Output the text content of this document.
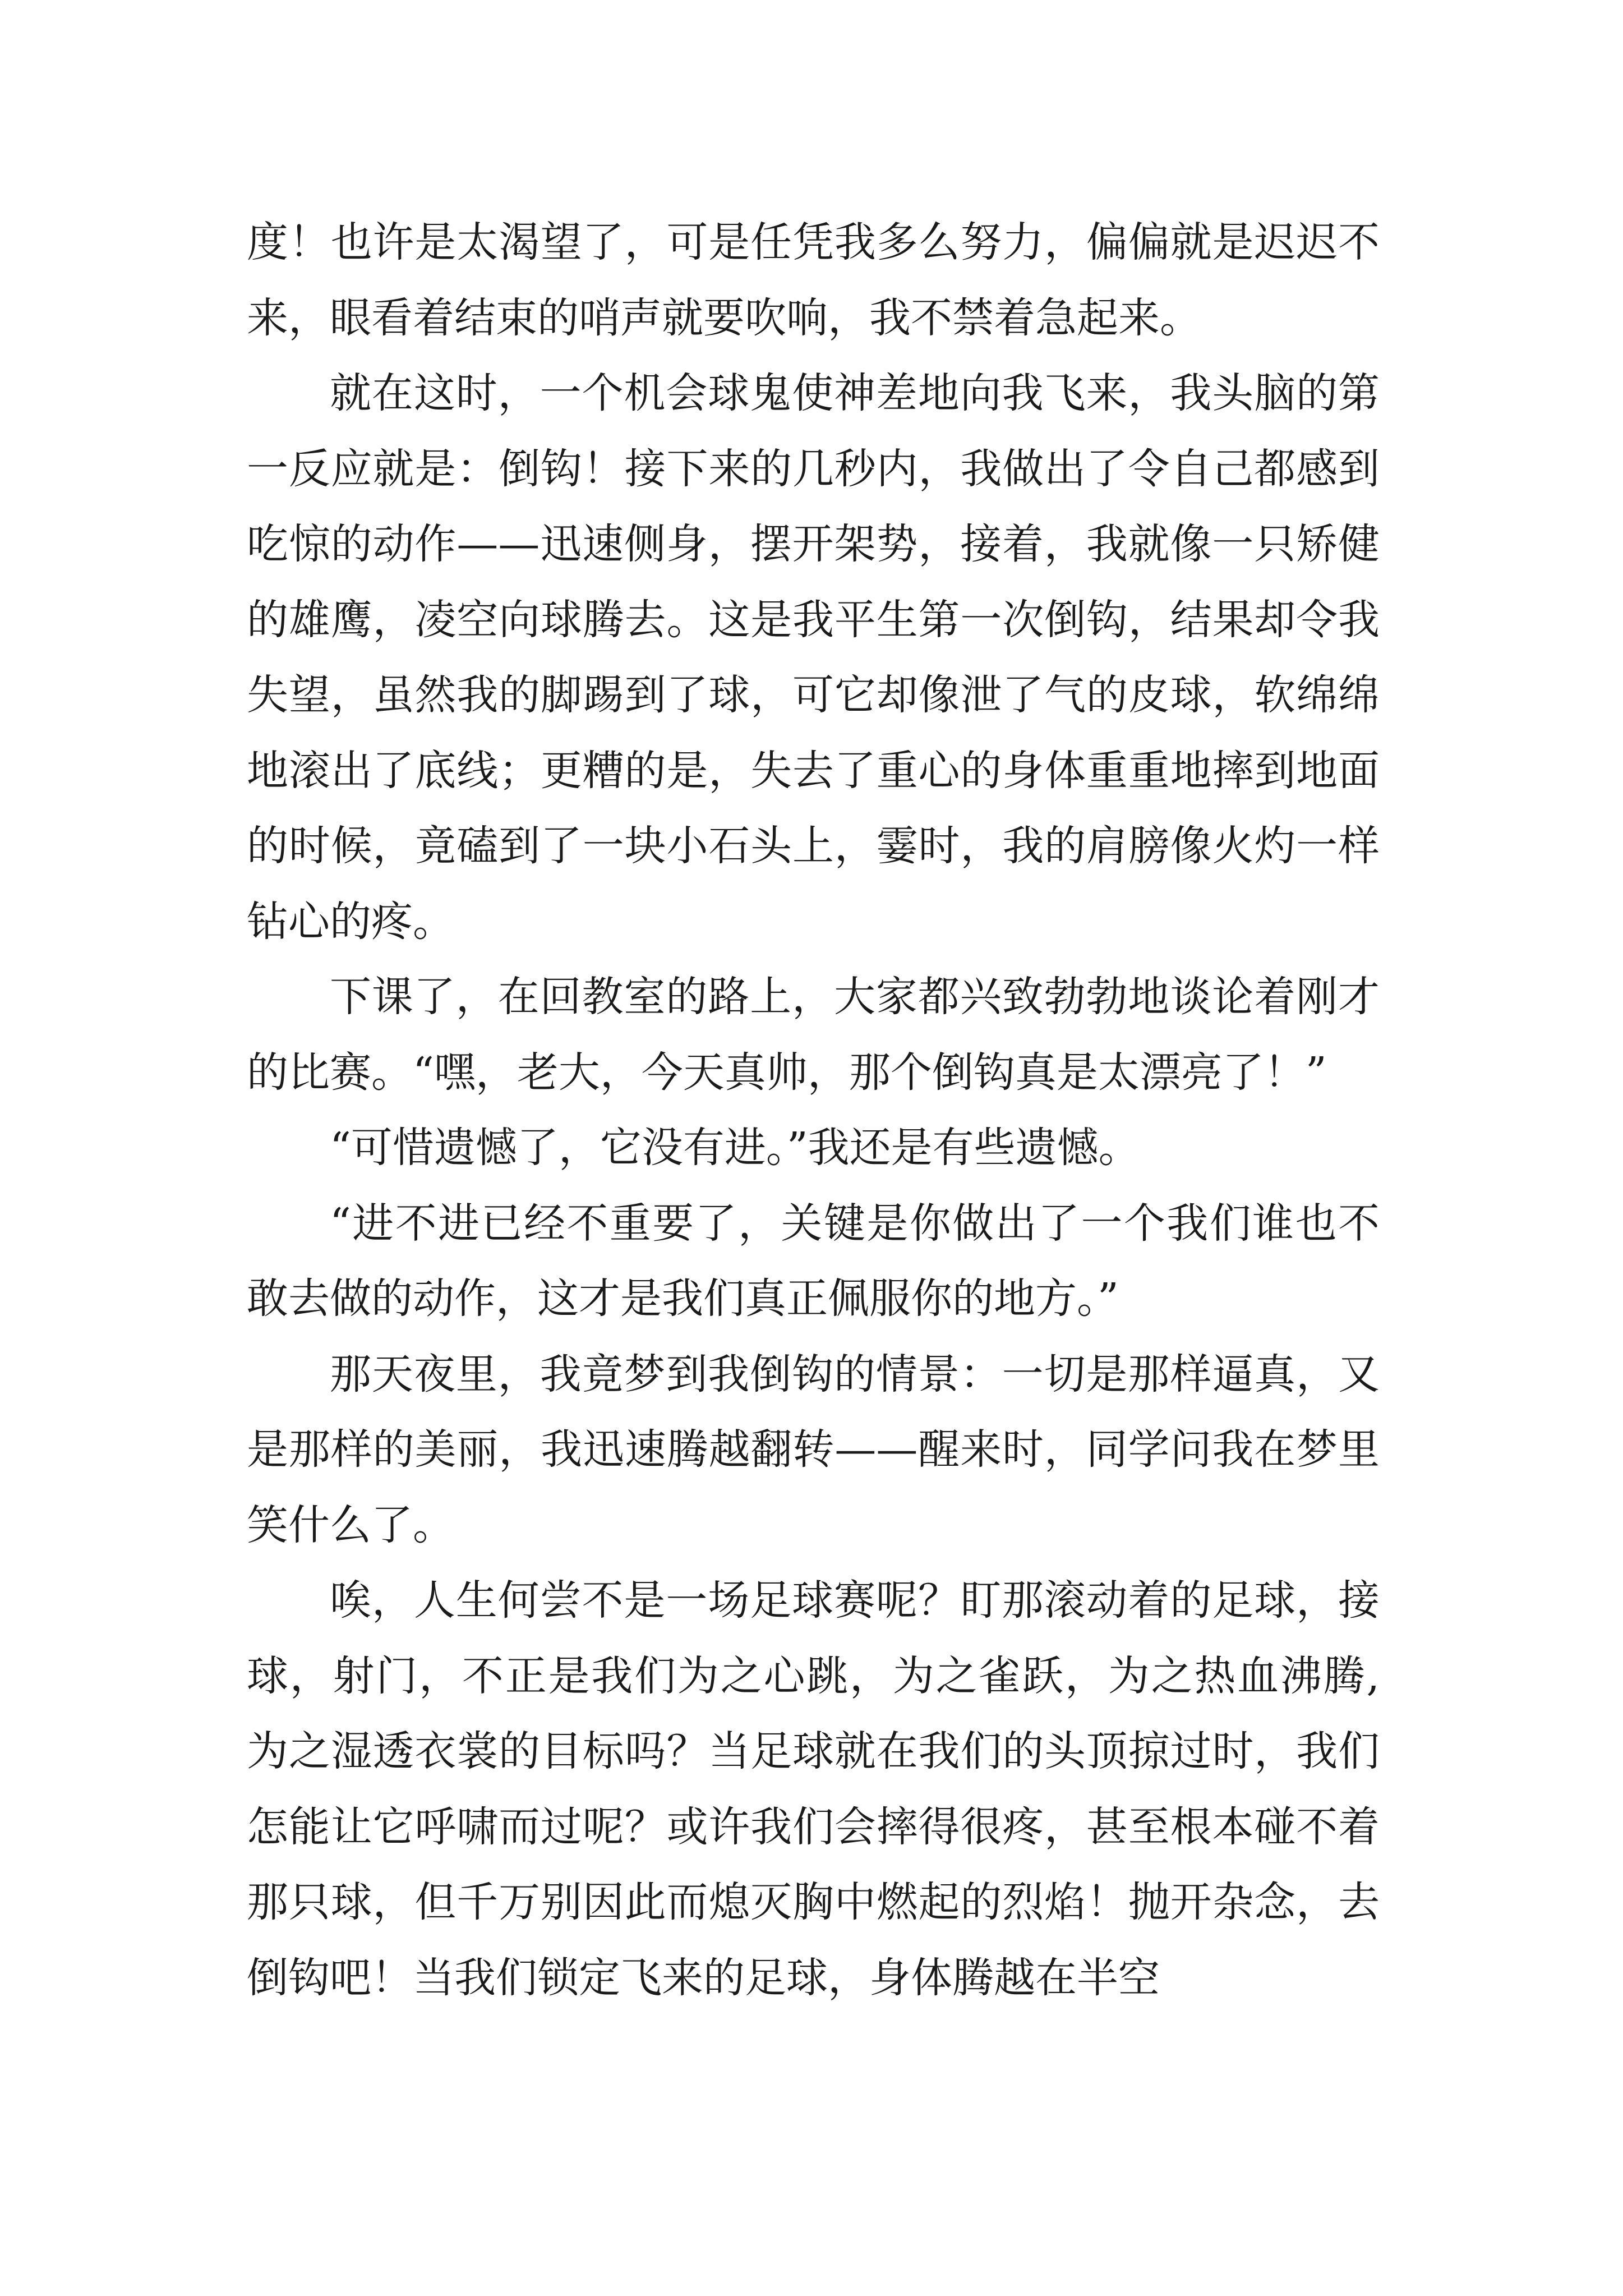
度！也许是太渴望了，可是任凭我多么努力，偏偏就是迟迟不来，眼看着结束的哨声就要吹响，我不禁着急起来。

就在这时，一个机会球鬼使神差地向我飞来，我头脑的第一反应就是：倒钩！接下来的几秒内，我做出了令自己都感到吃惊的动作——迅速侧身，摆开架势，接着，我就像一只矫健的雄鹰，凌空向球腾去。这是我平生第一次倒钩，结果却令我失望，虽然我的脚踢到了球，可它却像泄了气的皮球，软绵绵地滚出了底线；更糟的是，失去了重心的身体重重地摔到地面的时候，竟磕到了一块小石头上，霎时，我的肩膀像火灼一样钻心的疼。

下课了，在回教室的路上，大家都兴致勃勃地谈论着刚才的比赛。“嘿，老大，今天真帅，那个倒钩真是太漂亮了！”

“可惜遗憾了，它没有进。”我还是有些遗憾。

“进不进已经不重要了，关键是你做出了一个我们谁也不敢去做的动作，这才是我们真正佩服你的地方。”

那天夜里，我竟梦到我倒钩的情景：一切是那样逼真，又是那样的美丽，我迅速腾越翻转——醒来时，同学问我在梦里笑什么了。

唉，人生何尝不是一场足球赛呢？盯那滚动着的足球，接球，射门，不正是我们为之心跳，为之雀跃，为之热血沸腾,为之湿透衣裳的目标吗？当足球就在我们的头顶掠过时，我们怎能让它呼啸而过呢？或许我们会摔得很疼，甚至根本碰不着那只球，但千万别因此而熄灭胸中燃起的烈焰！抛开杂念，去倒钩吧！当我们锁定飞来的足球，身体腾越在半空
